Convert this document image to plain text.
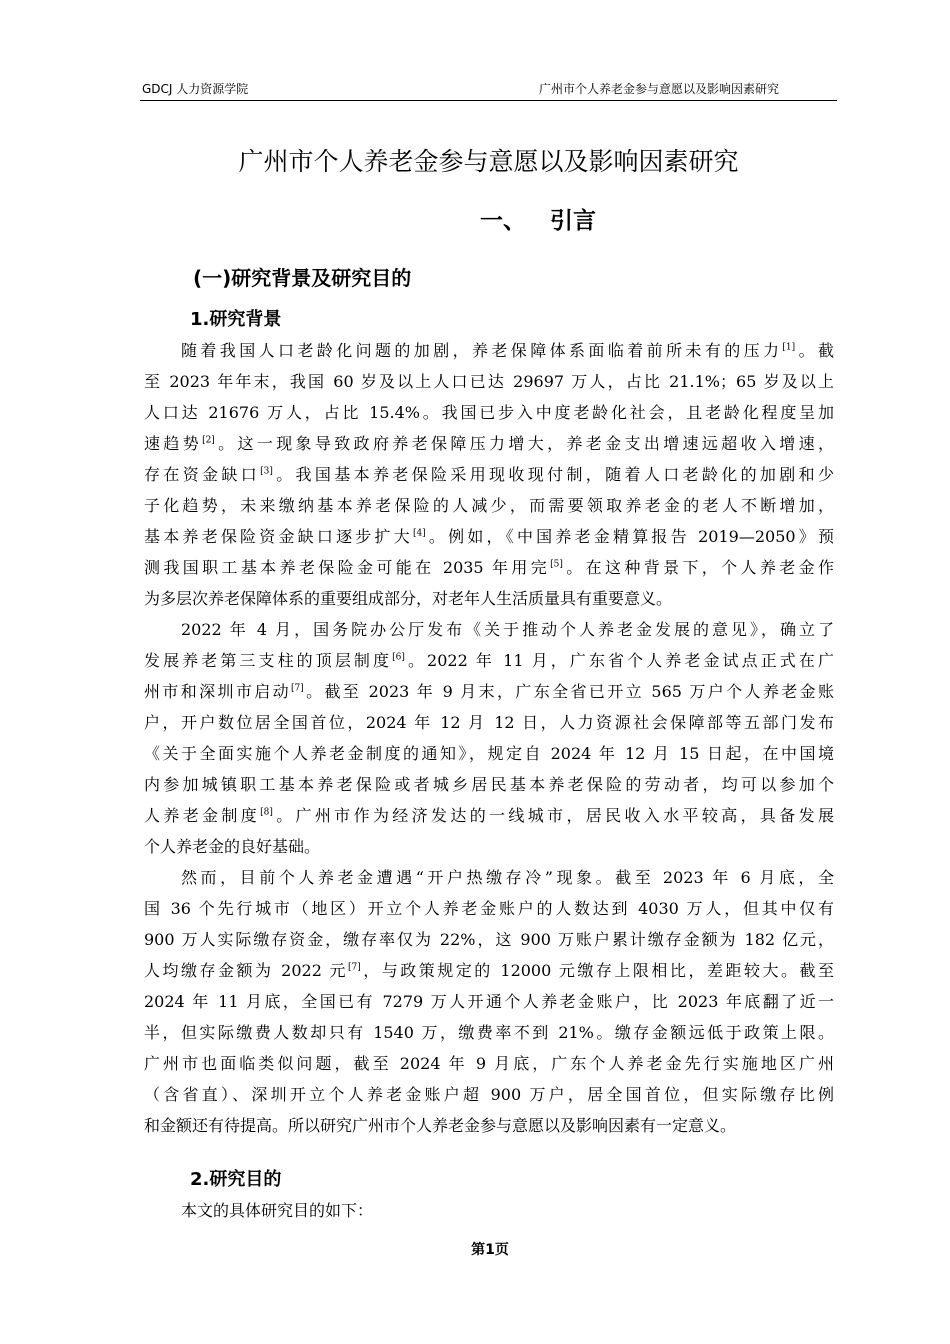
GDCJ 人力资源学院	广州市个人养老金参与意愿以及影响因素研究
广州市个人养老金参与意愿以及影响因素研究
一、 引言
(一)研究背景及研究目的
1.研究背景
随着我国人口老龄化问题的加剧，养老保障体系面临着前所未有的压力[1]。截
至 2023 年年末，我国 60 岁及以上人口已达 29697 万人，占比 21.1%；65 岁及以上
人口达 21676 万人，占比 15.4%。我国已步入中度老龄化社会，且老龄化程度呈加
速趋势[2]。这一现象导致政府养老保障压力增大，养老金支出增速远超收入增速，
存在资金缺口[3]。我国基本养老保险采用现收现付制，随着人口老龄化的加剧和少
子化趋势，未来缴纳基本养老保险的人减少，而需要领取养老金的老人不断增加，
基本养老保险资金缺口逐步扩大[4]。例如，《中国养老金精算报告 2019—2050》预
测我国职工基本养老保险金可能在 2035 年用完[5]。在这种背景下，个人养老金作
为多层次养老保障体系的重要组成部分，对老年人生活质量具有重要意义。
2022 年 4 月，国务院办公厅发布《关于推动个人养老金发展的意见》，确立了
发展养老第三支柱的顶层制度[6]。2022 年 11 月，广东省个人养老金试点正式在广
州市和深圳市启动[7]。截至 2023 年 9 月末，广东全省已开立 565 万户个人养老金账
户，开户数位居全国首位，2024 年 12 月 12 日，人力资源社会保障部等五部门发布
《关于全面实施个人养老金制度的通知》，规定自 2024 年 12 月 15 日起，在中国境
内参加城镇职工基本养老保险或者城乡居民基本养老保险的劳动者，均可以参加个
人养老金制度[8]。广州市作为经济发达的一线城市，居民收入水平较高，具备发展
个人养老金的良好基础。
然而，目前个人养老金遭遇“开户热缴存冷”现象。截至 2023 年 6 月底，全
国 36 个先行城市（地区）开立个人养老金账户的人数达到 4030 万人，但其中仅有
900 万人实际缴存资金，缴存率仅为 22%，这 900 万账户累计缴存金额为 182 亿元，
人均缴存金额为 2022 元[7]，与政策规定的 12000 元缴存上限相比，差距较大。截至
2024 年 11 月底，全国已有 7279 万人开通个人养老金账户，比 2023 年底翻了近一
半，但实际缴费人数却只有 1540 万，缴费率不到 21%。缴存金额远低于政策上限。
广州市也面临类似问题，截至 2024 年 9 月底，广东个人养老金先行实施地区广州
（含省直）、深圳开立个人养老金账户超 900 万户，居全国首位，但实际缴存比例
和金额还有待提高。所以研究广州市个人养老金参与意愿以及影响因素有一定意义。
2.研究目的
本文的具体研究目的如下：
第1页
